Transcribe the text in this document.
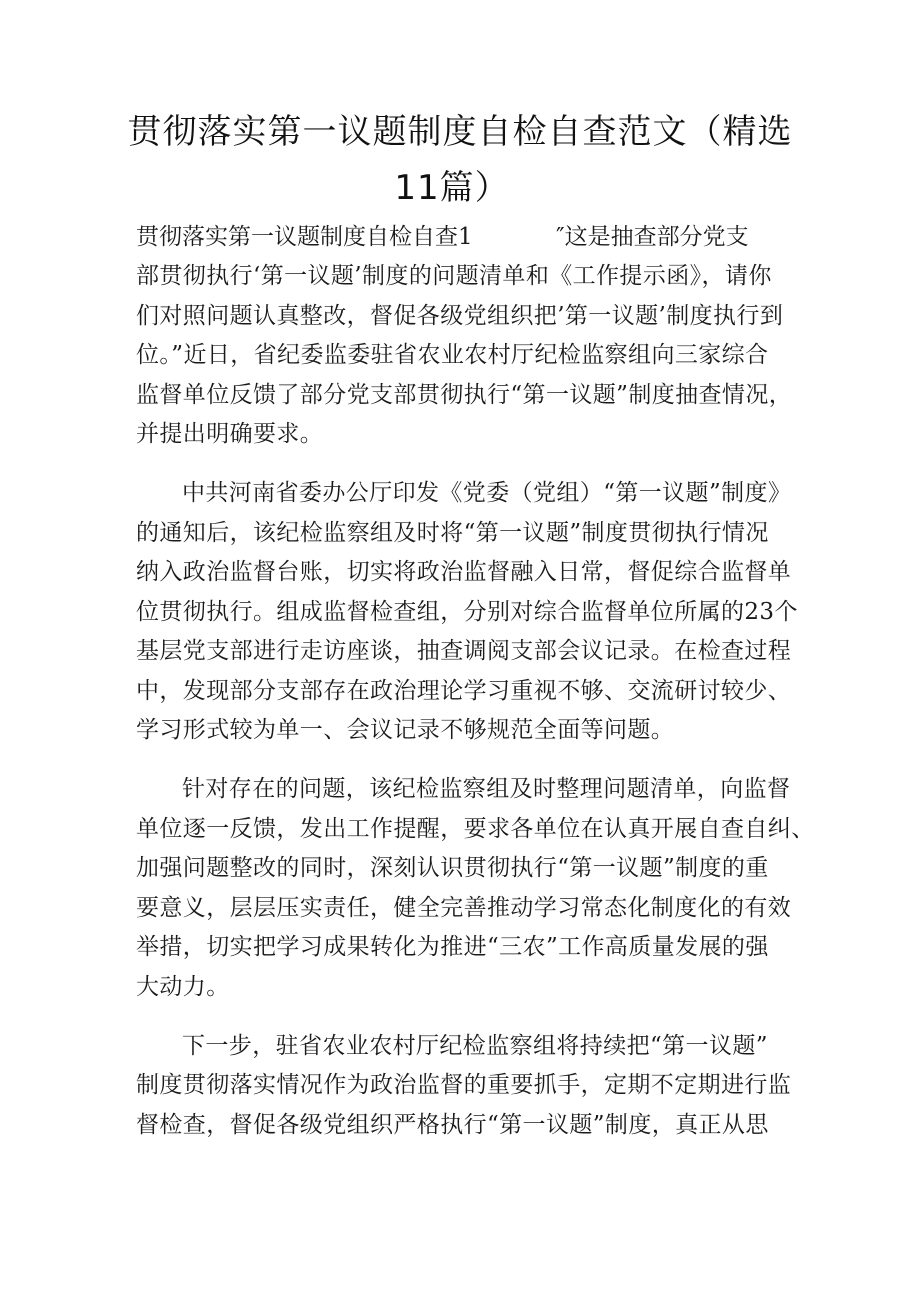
贯彻落实第一议题制度自检自查范文（精选
11篇）
贯彻落实第一议题制度自检自查1	″这是抽查部分党支
部贯彻执行‘第一议题’制度的问题清单和《工作提示函》，请你
们对照问题认真整改，督促各级党组织把’第一议题’制度执行到
位。”近日，省纪委监委驻省农业农村厅纪检监察组向三家综合
监督单位反馈了部分党支部贯彻执行“第一议题”制度抽查情况，
并提出明确要求。
中共河南省委办公厅印发《党委（党组）“第一议题”制度》
的通知后，该纪检监察组及时将“第一议题”制度贯彻执行情况
纳入政治监督台账，切实将政治监督融入日常，督促综合监督单
位贯彻执行。组成监督检查组，分别对综合监督单位所属的23个
基层党支部进行走访座谈，抽查调阅支部会议记录。在检查过程
中，发现部分支部存在政治理论学习重视不够、交流研讨较少、
学习形式较为单一、会议记录不够规范全面等问题。
针对存在的问题，该纪检监察组及时整理问题清单，向监督
单位逐一反馈，发出工作提醒，要求各单位在认真开展自查自纠、
加强问题整改的同时，深刻认识贯彻执行“第一议题”制度的重
要意义，层层压实责任，健全完善推动学习常态化制度化的有效
举措，切实把学习成果转化为推进“三农”工作高质量发展的强
大动力。
下一步，驻省农业农村厅纪检监察组将持续把“第一议题”
制度贯彻落实情况作为政治监督的重要抓手，定期不定期进行监
督检查，督促各级党组织严格执行“第一议题”制度，真正从思
